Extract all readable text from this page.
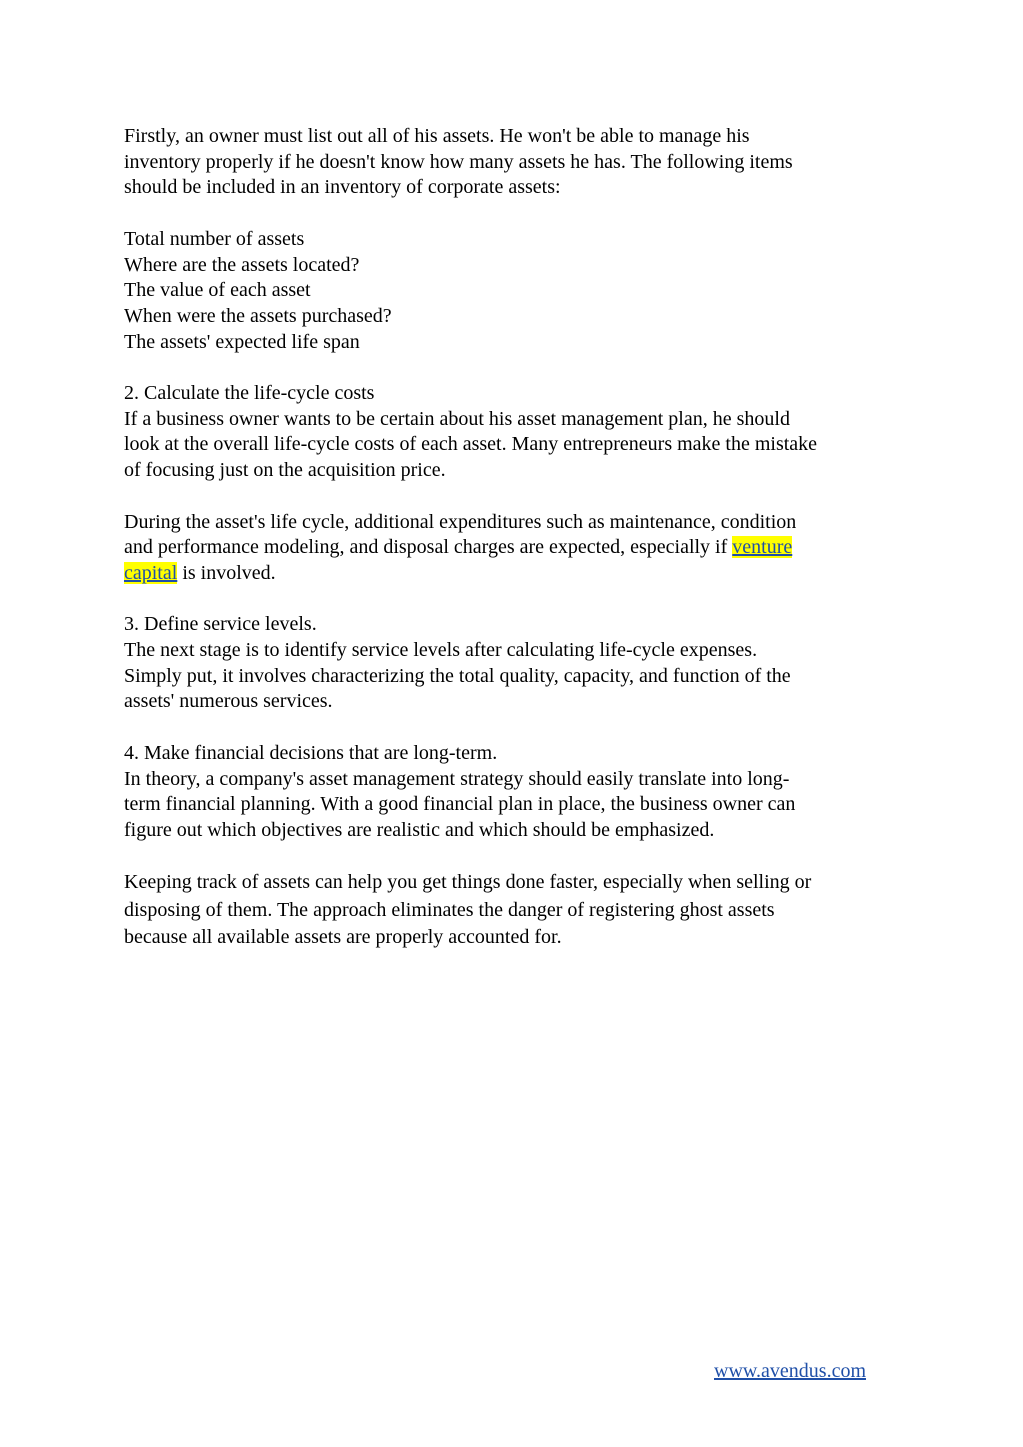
Firstly, an owner must list out all of his assets. He won't be able to manage his
inventory properly if he doesn't know how many assets he has. The following items
should be included in an inventory of corporate assets:

Total number of assets
Where are the assets located?
The value of each asset
When were the assets purchased?
The assets' expected life span
2. Calculate the life-cycle costs
If a business owner wants to be certain about his asset management plan, he should
look at the overall life-cycle costs of each asset. Many entrepreneurs make the mistake
of focusing just on the acquisition price.

During the asset's life cycle, additional expenditures such as maintenance, condition
and performance modeling, and disposal charges are expected, especially if venture
capital is involved.

3. Define service levels.
The next stage is to identify service levels after calculating life-cycle expenses.
Simply put, it involves characterizing the total quality, capacity, and function of the
assets' numerous services.
4. Make financial decisions that are long-term.
In theory, a company's asset management strategy should easily translate into long-
term financial planning. With a good financial plan in place, the business owner can
figure out which objectives are realistic and which should be emphasized.

Keeping track of assets can help you get things done faster, especially when selling or
disposing of them. The approach eliminates the danger of registering ghost assets
because all available assets are properly accounted for.

www.avendus.com
